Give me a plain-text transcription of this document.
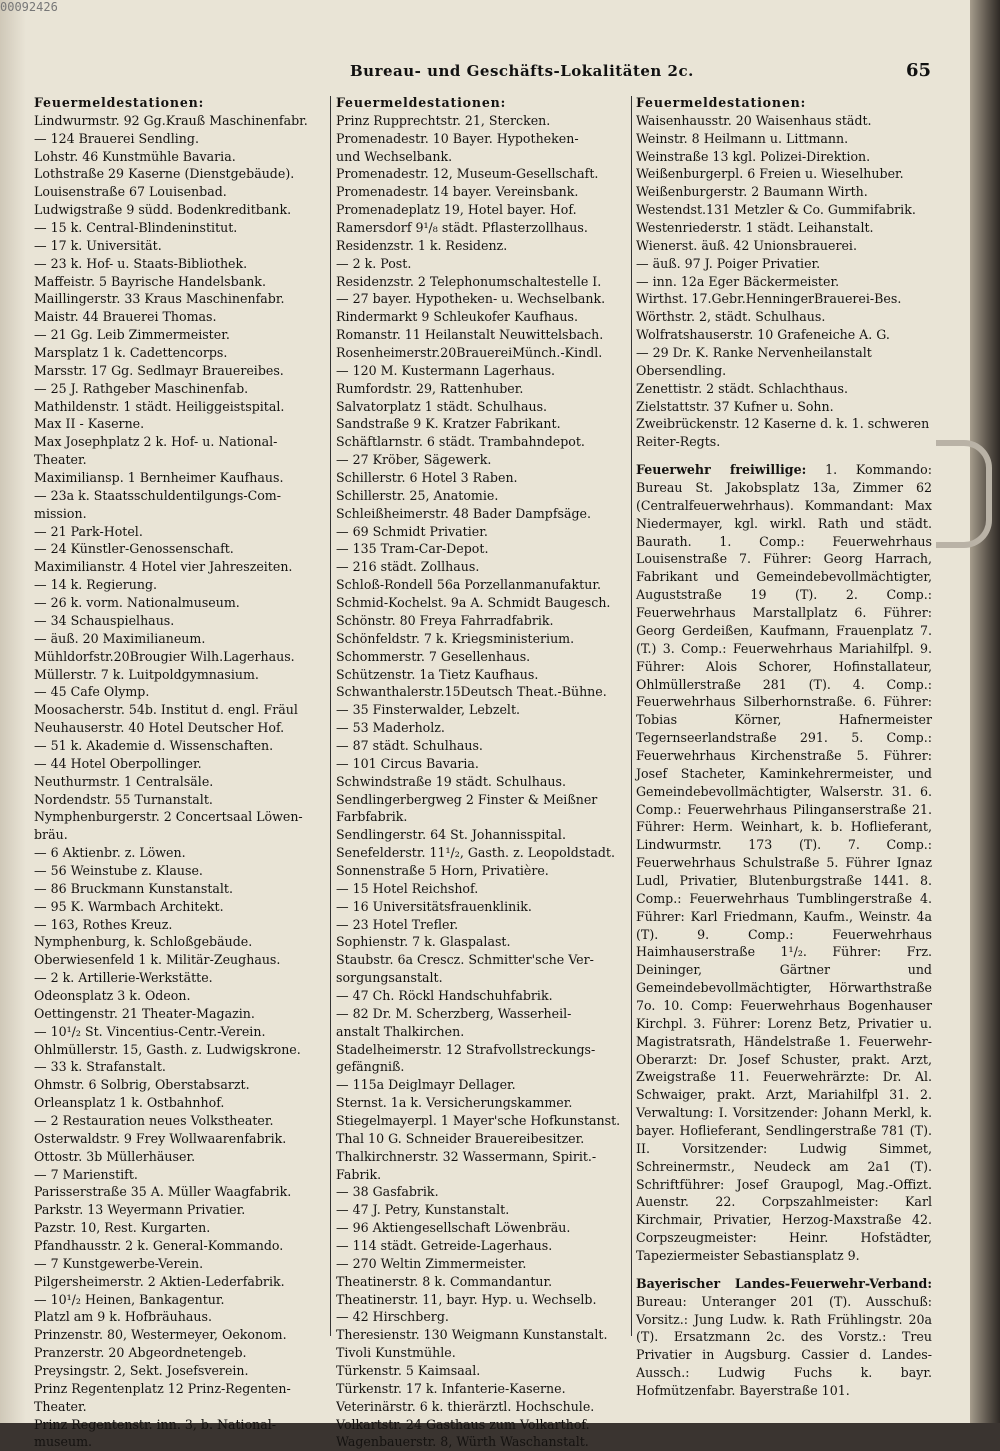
00092426
Bureau- und Geschäfts-Lokalitäten 2c.	65
Feuermeldestationen:
Lindwurmstr. 92 Gg.Krauß Maschinenfabr.
— 124 Brauerei Sendling.
Lohstr. 46 Kunstmühle Bavaria.
Lothstraße 29 Kaserne (Dienstgebäude).
Louisenstraße 67 Louisenbad.
Ludwigstraße 9 südd. Bodenkreditbank.
— 15 k. Central-Blindeninstitut.
— 17 k. Universität.
— 23 k. Hof- u. Staats-Bibliothek.
Maffeistr. 5 Bayrische Handelsbank.
Maillingerstr. 33 Kraus Maschinenfabr.
Maistr. 44 Brauerei Thomas.
— 21 Gg. Leib Zimmermeister.
Marsplatz 1 k. Cadettencorps.
Marsstr. 17 Gg. Sedlmayr Brauereibes.
— 25 J. Rathgeber Maschinenfab.
Mathildenstr. 1 städt. Heiliggeistspital.
Max II - Kaserne.
Max Josephplatz 2 k. Hof- u. National-
Theater.
Maximiliansp. 1 Bernheimer Kaufhaus.
— 23a k. Staatsschuldentilgungs-Com-
mission.
— 21 Park-Hotel.
— 24 Künstler-Genossenschaft.
Maximilianstr. 4 Hotel vier Jahreszeiten.
— 14 k. Regierung.
— 26 k. vorm. Nationalmuseum.
— 34 Schauspielhaus.
— äuß. 20 Maximilianeum.
Mühldorfstr.20Brougier Wilh.Lagerhaus.
Müllerstr. 7 k. Luitpoldgymnasium.
— 45 Cafe Olymp.
Moosacherstr. 54b. Institut d. engl. Fräul
Neuhauserstr. 40 Hotel Deutscher Hof.
— 51 k. Akademie d. Wissenschaften.
— 44 Hotel Oberpollinger.
Neuthurmstr. 1 Centralsäle.
Nordendstr. 55 Turnanstalt.
Nymphenburgerstr. 2 Concertsaal Löwen-
bräu.
— 6 Aktienbr. z. Löwen.
— 56 Weinstube z. Klause.
— 86 Bruckmann Kunstanstalt.
— 95 K. Warmbach Architekt.
— 163, Rothes Kreuz.
Nymphenburg, k. Schloßgebäude.
Oberwiesenfeld 1 k. Militär-Zeughaus.
— 2 k. Artillerie-Werkstätte.
Odeonsplatz 3 k. Odeon.
Oettingenstr. 21 Theater-Magazin.
— 10¹/₂ St. Vincentius-Centr.-Verein.
Ohlmüllerstr. 15, Gasth. z. Ludwigskrone.
— 33 k. Strafanstalt.
Ohmstr. 6 Solbrig, Oberstabsarzt.
Orleansplatz 1 k. Ostbahnhof.
— 2 Restauration neues Volkstheater.
Osterwaldstr. 9 Frey Wollwaarenfabrik.
Ottostr. 3b Müllerhäuser.
— 7 Marienstift.
Parisserstraße 35 A. Müller Waagfabrik.
Parkstr. 13 Weyermann Privatier.
Pazstr. 10, Rest. Kurgarten.
Pfandhausstr. 2 k. General-Kommando.
— 7 Kunstgewerbe-Verein.
Pilgersheimerstr. 2 Aktien-Lederfabrik.
— 10¹/₂ Heinen, Bankagentur.
Platzl am 9 k. Hofbräuhaus.
Prinzenstr. 80, Westermeyer, Oekonom.
Pranzerstr. 20 Abgeordnetengeb.
Preysingstr. 2, Sekt. Josefsverein.
Prinz Regentenplatz 12 Prinz-Regenten-
Theater.
Prinz Regentenstr. inn. 3, b. National-
museum.
Feuermeldestationen:
Prinz Rupprechtstr. 21, Stercken.
Promenadestr. 10 Bayer. Hypotheken-
und Wechselbank.
Promenadestr. 12, Museum-Gesellschaft.
Promenadestr. 14 bayer. Vereinsbank.
Promenadeplatz 19, Hotel bayer. Hof.
Ramersdorf 9¹/₈ städt. Pflasterzollhaus.
Residenzstr. 1 k. Residenz.
— 2 k. Post.
Residenzstr. 2 Telephonumschaltestelle I.
— 27 bayer. Hypotheken- u. Wechselbank.
Rindermarkt 9 Schleukofer Kaufhaus.
Romanstr. 11 Heilanstalt Neuwittelsbach.
Rosenheimerstr.20BrauereiMünch.-Kindl.
— 120 M. Kustermann Lagerhaus.
Rumfordstr. 29, Rattenhuber.
Salvatorplatz 1 städt. Schulhaus.
Sandstraße 9 K. Kratzer Fabrikant.
Schäftlarnstr. 6 städt. Trambahndepot.
— 27 Kröber, Sägewerk.
Schillerstr. 6 Hotel 3 Raben.
Schillerstr. 25, Anatomie.
Schleißheimerstr. 48 Bader Dampfsäge.
— 69 Schmidt Privatier.
— 135 Tram-Car-Depot.
— 216 städt. Zollhaus.
Schloß-Rondell 56a Porzellanmanufaktur.
Schmid-Kochelst. 9a A. Schmidt Baugesch.
Schönstr. 80 Freya Fahrradfabrik.
Schönfeldstr. 7 k. Kriegsministerium.
Schommerstr. 7 Gesellenhaus.
Schützenstr. 1a Tietz Kaufhaus.
Schwanthalerstr.15Deutsch Theat.-Bühne.
— 35 Finsterwalder, Lebzelt.
— 53 Maderholz.
— 87 städt. Schulhaus.
— 101 Circus Bavaria.
Schwindstraße 19 städt. Schulhaus.
Sendlingerbergweg 2 Finster & Meißner
Farbfabrik.
Sendlingerstr. 64 St. Johannisspital.
Senefelderstr. 11¹/₂, Gasth. z. Leopoldstadt.
Sonnenstraße 5 Horn, Privatière.
— 15 Hotel Reichshof.
— 16 Universitätsfrauenklinik.
— 23 Hotel Trefler.
Sophienstr. 7 k. Glaspalast.
Staubstr. 6a Crescz. Schmitter'sche Ver-
sorgungsanstalt.
— 47 Ch. Röckl Handschuhfabrik.
— 82 Dr. M. Scherzberg, Wasserheil-
anstalt Thalkirchen.
Stadelheimerstr. 12 Strafvollstreckungs-
gefängniß.
— 115a Deiglmayr Dellager.
Sternst. 1a k. Versicherungskammer.
Stiegelmayerpl. 1 Mayer'sche Hofkunstanst.
Thal 10 G. Schneider Brauereibesitzer.
Thalkirchnerstr. 32 Wassermann, Spirit.-
Fabrik.
— 38 Gasfabrik.
— 47 J. Petry, Kunstanstalt.
— 96 Aktiengesellschaft Löwenbräu.
— 114 städt. Getreide-Lagerhaus.
— 270 Weltin Zimmermeister.
Theatinerstr. 8 k. Commandantur.
Theatinerstr. 11, bayr. Hyp. u. Wechselb.
— 42 Hirschberg.
Theresienstr. 130 Weigmann Kunstanstalt.
Tivoli Kunstmühle.
Türkenstr. 5 Kaimsaal.
Türkenstr. 17 k. Infanterie-Kaserne.
Veterinärstr. 6 k. thierärztl. Hochschule.
Volkartstr. 24 Gasthaus zum Volkarthof.
Wagenbauerstr. 8, Würth Waschanstalt.
Feuermeldestationen:
Waisenhausstr. 20 Waisenhaus städt.
Weinstr. 8 Heilmann u. Littmann.
Weinstraße 13 kgl. Polizei-Direktion.
Weißenburgerpl. 6 Freien u. Wieselhuber.
Weißenburgerstr. 2 Baumann Wirth.
Westendst.131 Metzler & Co. Gummifabrik.
Westenriederstr. 1 städt. Leihanstalt.
Wienerst. äuß. 42 Unionsbrauerei.
— äuß. 97 J. Poiger Privatier.
— inn. 12a Eger Bäckermeister.
Wirthst. 17.Gebr.HenningerBrauerei-Bes.
Wörthstr. 2, städt. Schulhaus.
Wolfratshauserstr. 10 Grafeneiche A. G.
— 29 Dr. K. Ranke Nervenheilanstalt
Obersendling.
Zenettistr. 2 städt. Schlachthaus.
Zielstattstr. 37 Kufner u. Sohn.
Zweibrückenstr. 12 Kaserne d. k. 1. schweren
Reiter-Regts.
Feuerwehr freiwillige: 1. Kommando: Bureau St. Jakobsplatz 13a, Zimmer 62 (Centralfeuerwehrhaus). Kommandant: Max Niedermayer, kgl. wirkl. Rath und städt. Baurath. 1. Comp.: Feuerwehrhaus Louisenstraße 7. Führer: Georg Harrach, Fabrikant und Gemeindebevollmächtigter, Auguststraße 19 (T). 2. Comp.: Feuerwehrhaus Marstallplatz 6. Führer: Georg Gerdeißen, Kaufmann, Frauenplatz 7. (T.) 3. Comp.: Feuerwehrhaus Mariahilfpl. 9. Führer: Alois Schorer, Hofinstallateur, Ohlmüllerstraße 281 (T). 4. Comp.: Feuerwehrhaus Silberhornstraße. 6. Führer: Tobias Körner, Hafnermeister Tegernseerlandstraße 291. 5. Comp.: Feuerwehrhaus Kirchenstraße 5. Führer: Josef Stacheter, Kaminkehrermeister, und Gemeindebevollmächtigter, Walserstr. 31. 6. Comp.: Feuerwehrhaus Pilinganserstraße 21. Führer: Herm. Weinhart, k. b. Hoflieferant, Lindwurmstr. 173 (T). 7. Comp.: Feuerwehrhaus Schulstraße 5. Führer Ignaz Ludl, Privatier, Blutenburgstraße 1441. 8. Comp.: Feuerwehrhaus Tumblingerstraße 4. Führer: Karl Friedmann, Kaufm., Weinstr. 4a (T). 9. Comp.: Feuerwehrhaus Haimhauserstraße 1¹/₂. Führer: Frz. Deininger, Gärtner und Gemeindebevollmächtigter, Hörwarthstraße 7o. 10. Comp: Feuerwehrhaus Bogenhauser Kirchpl. 3. Führer: Lorenz Betz, Privatier u. Magistratsrath, Händelstraße 1. Feuerwehr-Oberarzt: Dr. Josef Schuster, prakt. Arzt, Zweigstraße 11. Feuerwehrärzte: Dr. Al. Schwaiger, prakt. Arzt, Mariahilfpl 31. 2. Verwaltung: I. Vorsitzender: Johann Merkl, k. bayer. Hoflieferant, Sendlingerstraße 781 (T). II. Vorsitzender: Ludwig Simmet, Schreinermstr., Neudeck am 2a1 (T). Schriftführer: Josef Graupogl, Mag.-Offizt. Auenstr. 22. Corpszahlmeister: Karl Kirchmair, Privatier, Herzog-Maxstraße 42. Corpszeugmeister: Heinr. Hofstädter, Tapeziermeister Sebastiansplatz 9.
Bayerischer Landes-Feuerwehr-Verband: Bureau: Unteranger 201 (T). Ausschuß: Vorsitz.: Jung Ludw. k. Rath Frühlingstr. 20a (T). Ersatzmann 2c. des Vorstz.: Treu Privatier in Augsburg. Cassier d. Landes-Aussch.: Ludwig Fuchs k. bayr. Hofmützenfabr. Bayerstraße 101.
